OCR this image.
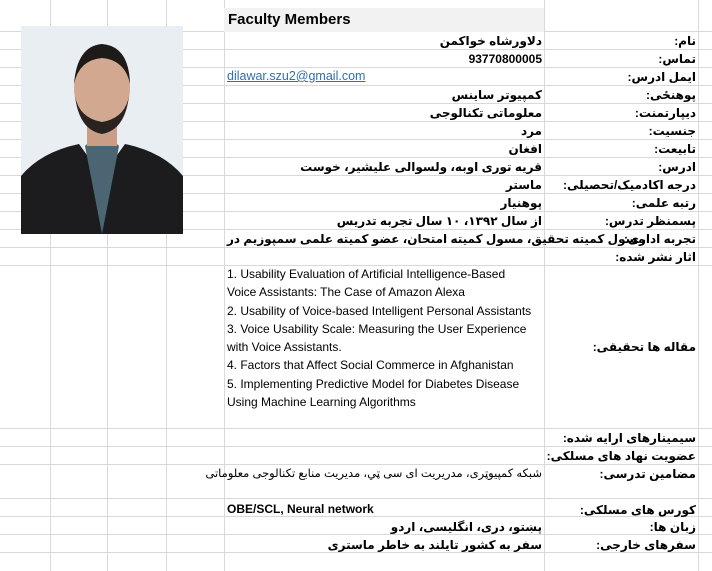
Faculty Members
نام:
تماس:
ایمل ادرس:
پوهنځی:
دیپارتمنت:
جنسیت:
تابیعت:
ادرس:
درجه اکادمیک/تحصیلی:
رتبه علمی:
پسمنظر تدرس:
تجربه اداری:
اثار نشر شده:
مقاله ها تحقیقی:
سیمینارهای ارایه شده:
عضویت نهاد های مسلکی:
مضامین تدرسی:
کورس های مسلکی:
زبان ها:
سفرهای خارجی:
دلاورشاه خواکمن
93770800005
dilawar.szu2@gmail.com
کمپیوتر ساینس
معلوماتی تکنالوجی
مرد
افغان
قریه توری اوبه، ولسوالی علیشیر، خوست
ماستر
پوهنیار
از سال ۱۳۹۲، ۱۰ سال تجربه تدریس
مسول کمیته تحقیق، مسول کمیته امتحان، عضو کمیته علمی سمپوزیم در
1. Usability Evaluation of Artificial Intelligence-Based Voice Assistants: The Case of Amazon Alexa
2. Usability of Voice-based Intelligent Personal Assistants
3. Voice Usability Scale: Measuring the User Experience with Voice Assistants.
4. Factors that Affect Social Commerce in Afghanistan
5. Implementing Predictive Model for Diabetes Disease Using Machine Learning Algorithms
شبکه کمپیوټری، مدریریت ای سی ټي، مدیریت منابع تکنالوجی معلوماتی
OBE/SCL, Neural network
پښتو، دری، انگلیسی، اردو
سفر به کشور تایلند به خاطر ماستری
